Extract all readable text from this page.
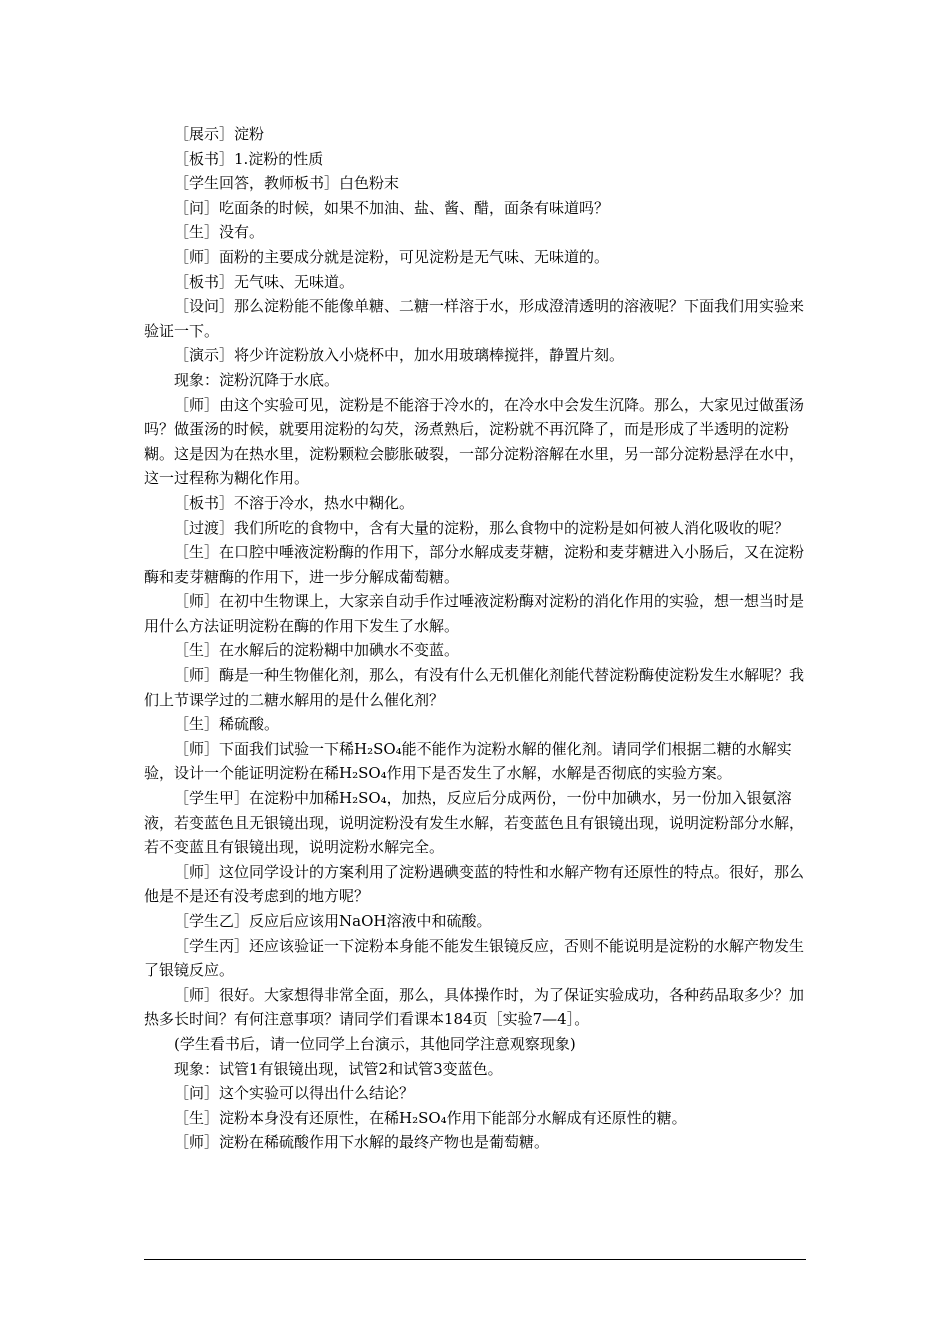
［展示］淀粉

［板书］1.淀粉的性质

［学生回答，教师板书］白色粉末

［问］吃面条的时候，如果不加油、盐、酱、醋，面条有味道吗？

［生］没有。

［师］面粉的主要成分就是淀粉，可见淀粉是无气味、无味道的。

［板书］无气味、无味道。

［设问］那么淀粉能不能像单糖、二糖一样溶于水，形成澄清透明的溶液呢？下面我们用实验来验证一下。

［演示］将少许淀粉放入小烧杯中，加水用玻璃棒搅拌，静置片刻。

现象：淀粉沉降于水底。

［师］由这个实验可见，淀粉是不能溶于冷水的，在冷水中会发生沉降。那么，大家见过做蛋汤吗？做蛋汤的时候，就要用淀粉的勾芡，汤煮熟后，淀粉就不再沉降了，而是形成了半透明的淀粉糊。这是因为在热水里，淀粉颗粒会膨胀破裂，一部分淀粉溶解在水里，另一部分淀粉悬浮在水中，这一过程称为糊化作用。

［板书］不溶于冷水，热水中糊化。

［过渡］我们所吃的食物中，含有大量的淀粉，那么食物中的淀粉是如何被人消化吸收的呢？

［生］在口腔中唾液淀粉酶的作用下，部分水解成麦芽糖，淀粉和麦芽糖进入小肠后，又在淀粉酶和麦芽糖酶的作用下，进一步分解成葡萄糖。

［师］在初中生物课上，大家亲自动手作过唾液淀粉酶对淀粉的消化作用的实验，想一想当时是用什么方法证明淀粉在酶的作用下发生了水解。

［生］在水解后的淀粉糊中加碘水不变蓝。

［师］酶是一种生物催化剂，那么，有没有什么无机催化剂能代替淀粉酶使淀粉发生水解呢？我们上节课学过的二糖水解用的是什么催化剂？

［生］稀硫酸。

［师］下面我们试验一下稀H₂SO₄能不能作为淀粉水解的催化剂。请同学们根据二糖的水解实验，设计一个能证明淀粉在稀H₂SO₄作用下是否发生了水解，水解是否彻底的实验方案。

［学生甲］在淀粉中加稀H₂SO₄，加热，反应后分成两份，一份中加碘水，另一份加入银氨溶液，若变蓝色且无银镜出现，说明淀粉没有发生水解，若变蓝色且有银镜出现，说明淀粉部分水解，若不变蓝且有银镜出现，说明淀粉水解完全。

［师］这位同学设计的方案利用了淀粉遇碘变蓝的特性和水解产物有还原性的特点。很好，那么他是不是还有没考虑到的地方呢？

［学生乙］反应后应该用NaOH溶液中和硫酸。

［学生丙］还应该验证一下淀粉本身能不能发生银镜反应，否则不能说明是淀粉的水解产物发生了银镜反应。

［师］很好。大家想得非常全面，那么，具体操作时，为了保证实验成功，各种药品取多少？加热多长时间？有何注意事项？请同学们看课本184页［实验7—4］。

(学生看书后，请一位同学上台演示，其他同学注意观察现象)

现象：试管1有银镜出现，试管2和试管3变蓝色。

［问］这个实验可以得出什么结论？

［生］淀粉本身没有还原性，在稀H₂SO₄作用下能部分水解成有还原性的糖。

［师］淀粉在稀硫酸作用下水解的最终产物也是葡萄糖。
